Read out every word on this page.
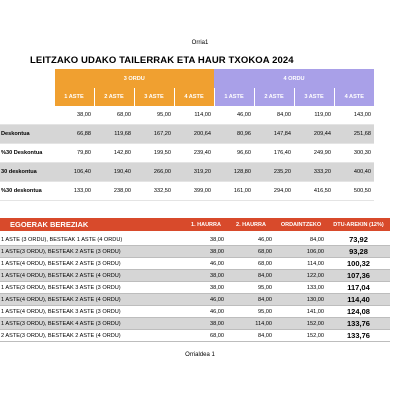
Orria1
LEITZAKO UDAKO TAILERRAK ETA HAUR TXOKOA 2024
	3 ORDU				4 ORDU			
	1 ASTE	2 ASTE	3 ASTE	4 ASTE	1 ASTE	2 ASTE	3 ASTE	4 ASTE
	38,00	68,00	95,00	114,00	46,00	84,00	119,00	143,00
Deskontua	66,88	119,68	167,20	200,64	80,96	147,84	209,44	251,68
%30 Deskontua	79,80	142,80	199,50	239,40	96,60	176,40	249,90	300,30
30 deskontua	106,40	190,40	266,00	319,20	128,80	235,20	333,20	400,40
%30 deskontua	133,00	238,00	332,50	399,00	161,00	294,00	416,50	500,50
EGOERAK BEREZIAK	1. HAURRA	2. HAURRA	ORDAINTZEKO	DTU-AREKIN (12%)

1 ASTE (3 ORDU), BESTEAK 1 ASTE (4 ORDU)	38,00	46,00	84,00	73,92
1 ASTE(3 ORDU), BESTEAK 2 ASTE (3 ORDU)	38,00	68,00	106,00	93,28
1 ASTE(4 ORDU), BESTEAK 2 ASTE (3 ORDU)	46,00	68,00	114,00	100,32
1 ASTE(4 ORDU), BESTEAK 2 ASTE (4 ORDU)	38,00	84,00	122,00	107,36
1 ASTE(3 ORDU), BESTEAK 3 ASTE (3 ORDU)	38,00	95,00	133,00	117,04
1 ASTE(4 ORDU), BESTEAK 2 ASTE (4 ORDU)	46,00	84,00	130,00	114,40
1 ASTE(4 ORDU), BESTEAK 3 ASTE (3 ORDU)	46,00	95,00	141,00	124,08
1 ASTE(3 ORDU), BESTEAK 4 ASTE (3 ORDU)	38,00	114,00	152,00	133,76
2 ASTE(3 ORDU), BESTEAK 2 ASTE (4 ORDU)	68,00	84,00	152,00	133,76
Orrialdea 1
